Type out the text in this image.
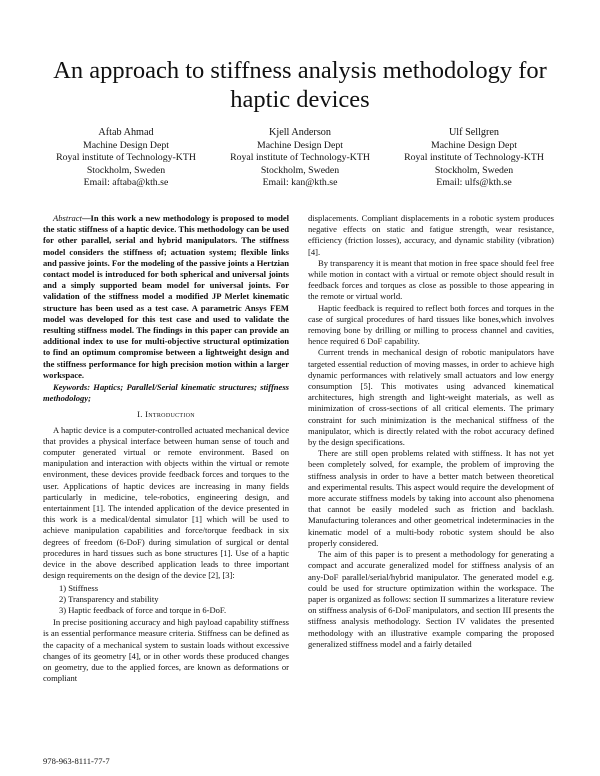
An approach to stiffness analysis methodology for haptic devices
Aftab Ahmad
Machine Design Dept
Royal institute of Technology-KTH
Stockholm, Sweden
Email: aftaba@kth.se
Kjell Anderson
Machine Design Dept
Royal institute of Technology-KTH
Stockholm, Sweden
Email: kan@kth.se
Ulf Sellgren
Machine Design Dept
Royal institute of Technology-KTH
Stockholm, Sweden
Email: ulfs@kth.se

Abstract—In this work a new methodology is proposed to model the static stiffness of a haptic device. This methodology can be used for other parallel, serial and hybrid manipulators. The stiffness model considers the stiffness of; actuation system; flexible links and passive joints. For the modeling of the passive joints a Hertzian contact model is introduced for both spherical and universal joints and a simply supported beam model for universal joints. For validation of the stiffness model a modified JP Merlet kinematic structure has been used as a test case. A parametric Ansys FEM model was developed for this test case and used to validate the resulting stiffness model. The findings in this paper can provide an additional index to use for multi-objective structural optimization to find an optimum compromise between a lightweight design and the stiffness performance for high precision motion within a larger workspace.

Keywords: Haptics; Parallel/Serial kinematic structures; stiffness methodology;

I. Introduction

A haptic device is a computer-controlled actuated mechanical device that provides a physical interface between human sense of touch and computer generated virtual or remote environment. Based on manipulation and interaction with objects within the virtual or remote environment, these devices provide feedback forces and torques to the user. Applications of haptic devices are increasing in many fields particularly in medicine, tele-robotics, engineering design, and entertainment [1]. The intended application of the device presented in this work is a medical/dental simulator [1] which will be used to achieve manipulation capabilities and force/torque feedback in six degrees of freedom (6-DoF) during simulation of surgical or dental procedures in hard tissues such as bone structures [1]. Use of a haptic device in the above described application leads to three important design requirements on the design of the device [2], [3]:

1) Stiffness
2) Transparency and stability
3) Haptic feedback of force and torque in 6-DoF.

In precise positioning accuracy and high payload capability stiffness is an essential performance measure criteria. Stiffness can be defined as the capacity of a mechanical system to sustain loads without excessive changes of its geometry [4], or in other words these produced changes on geometry, due to the applied forces, are known as deformations or compliant

displacements. Compliant displacements in a robotic system produces negative effects on static and fatigue strength, wear resistance, efficiency (friction losses), accuracy, and dynamic stability (vibration) [4].

By transparency it is meant that motion in free space should feel free while motion in contact with a virtual or remote object should result in feedback forces and torques as close as possible to those appearing in the remote or virtual world.

Haptic feedback is required to reflect both forces and torques in the case of surgical procedures of hard tissues like bones,which involves removing bone by drilling or milling to process channel and cavities, hence required 6 DoF capability.

Current trends in mechanical design of robotic manipulators have targeted essential reduction of moving masses, in order to achieve high dynamic performances with relatively small actuators and low energy consumption [5]. This motivates using advanced kinematical architectures, high strength and light-weight materials, as well as minimization of cross-sections of all critical elements. The primary constraint for such minimization is the mechanical stiffness of the manipulator, which is directly related with the robot accuracy defined by the design specifications.

There are still open problems related with stiffness. It has not yet been completely solved, for example, the problem of improving the stiffness analysis in order to have a better match between theoretical and experimental results. This aspect would require the development of more accurate stiffness models by taking into account also phenomena that cannot be easily modeled such as friction and backlash. Manufacturing tolerances and other geometrical indeterminacies in the kinematic model of a multi-body robotic system should be also properly considered.

The aim of this paper is to present a methodology for generating a compact and accurate generalized model for stiffness analysis of an any-DoF parallel/serial/hybrid manipulator. The generated model e.g. could be used for structure optimization within the workspace. The paper is organized as follows: section II summarizes a literature review on stiffness analysis of 6-DoF manipulators, and section III presents the stiffness analysis methodology. Section IV validates the presented methodology with an illustrative example comparing the proposed generalized stiffness model and a fairly detailed

978-963-8111-77-7
